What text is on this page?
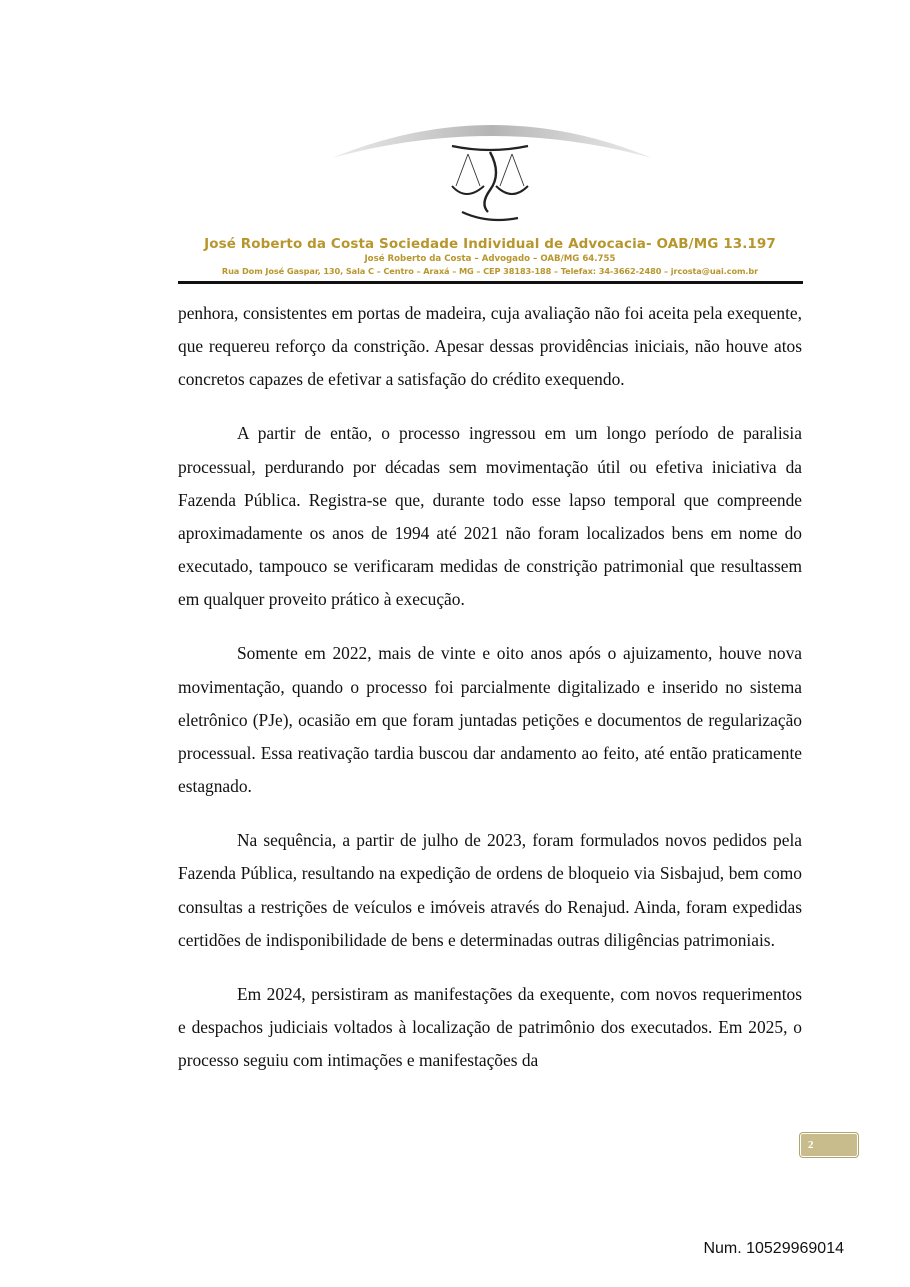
José Roberto da Costa Sociedade Individual de Advocacia- OAB/MG 13.197
José Roberto da Costa – Advogado – OAB/MG 64.755
Rua Dom José Gaspar, 130, Sala C – Centro – Araxá – MG – CEP 38183-188 – Telefax: 34-3662-2480 – jrcosta@uai.com.br

penhora, consistentes em portas de madeira, cuja avaliação não foi aceita pela exequente, que requereu reforço da constrição. Apesar dessas providências iniciais, não houve atos concretos capazes de efetivar a satisfação do crédito exequendo.

A partir de então, o processo ingressou em um longo período de paralisia processual, perdurando por décadas sem movimentação útil ou efetiva iniciativa da Fazenda Pública. Registra-se que, durante todo esse lapso temporal que compreende aproximadamente os anos de 1994 até 2021 não foram localizados bens em nome do executado, tampouco se verificaram medidas de constrição patrimonial que resultassem em qualquer proveito prático à execução.

Somente em 2022, mais de vinte e oito anos após o ajuizamento, houve nova movimentação, quando o processo foi parcialmente digitalizado e inserido no sistema eletrônico (PJe), ocasião em que foram juntadas petições e documentos de regularização processual. Essa reativação tardia buscou dar andamento ao feito, até então praticamente estagnado.

Na sequência, a partir de julho de 2023, foram formulados novos pedidos pela Fazenda Pública, resultando na expedição de ordens de bloqueio via Sisbajud, bem como consultas a restrições de veículos e imóveis através do Renajud. Ainda, foram expedidas certidões de indisponibilidade de bens e determinadas outras diligências patrimoniais.

Em 2024, persistiram as manifestações da exequente, com novos requerimentos e despachos judiciais voltados à localização de patrimônio dos executados. Em 2025, o processo seguiu com intimações e manifestações da

2
Num. 10529969014
